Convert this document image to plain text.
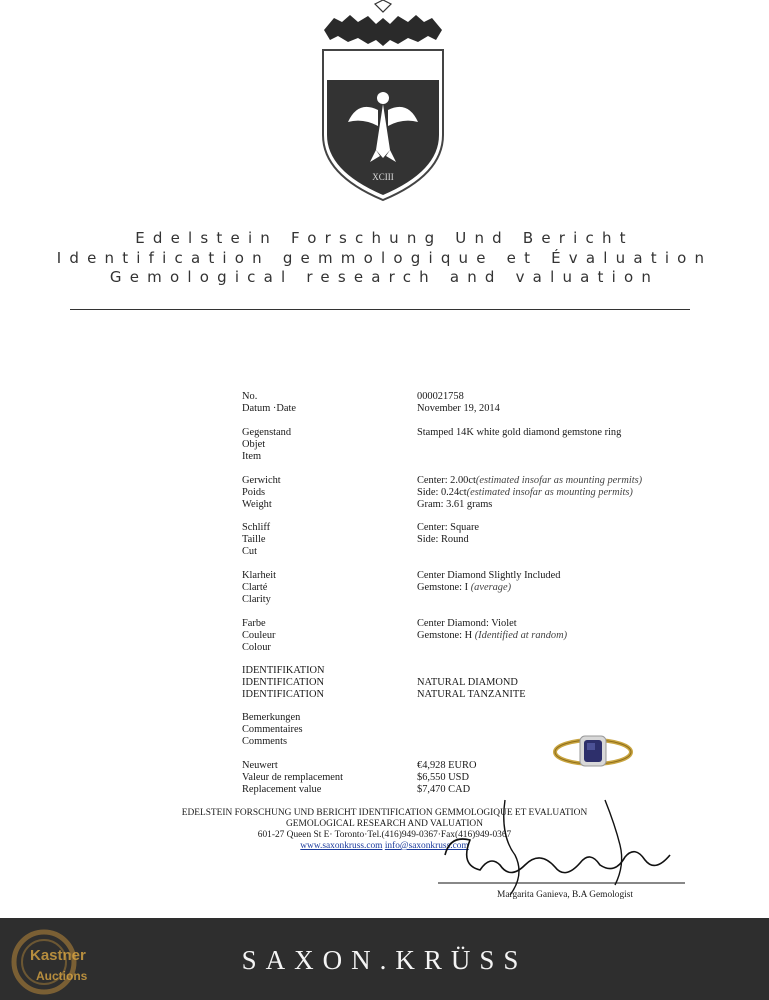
XCIII
Edelstein Forschung Und Bericht
Identification gemmologique et Évaluation
Gemological research and valuation
No.	000021758
Datum ·Date	November 19, 2014
Gegenstand
Objet
Item
Stamped 14K white gold diamond gemstone ring
Gerwicht
Poids
Weight
Center: 2.00ct(estimated insofar as mounting permits)
Side: 0.24ct(estimated insofar as mounting permits)
Gram: 3.61 grams
Schliff
Taille
Cut
Center: Square
Side: Round
Klarheit
Clarté
Clarity
Center Diamond Slightly Included
Gemstone: I (average)
Farbe
Couleur
Colour
Center Diamond: Violet
Gemstone: H (Identified at random)
IDENTIFIKATION
IDENTIFICATION
IDENTIFICATION
NATURAL DIAMOND
NATURAL TANZANITE
Bemerkungen
Commentaires
Comments
Neuwert
Valeur de remplacement
Replacement value
€4,928 EURO
$6,550 USD
$7,470 CAD
EDELSTEIN FORSCHUNG UND BERICHT IDENTIFICATION GEMMOLOGIQUE ET EVALUATION
GEMOLOGICAL RESEARCH AND VALUATION
601-27 Queen St E· Toronto·Tel.(416)949-0367·Fax(416)949-0367
www.saxonkruss.com info@saxonkruss.com
Margarita Ganieva, B.A Gemologist
SAXON.KRÜSS
Kastner
Auctions
